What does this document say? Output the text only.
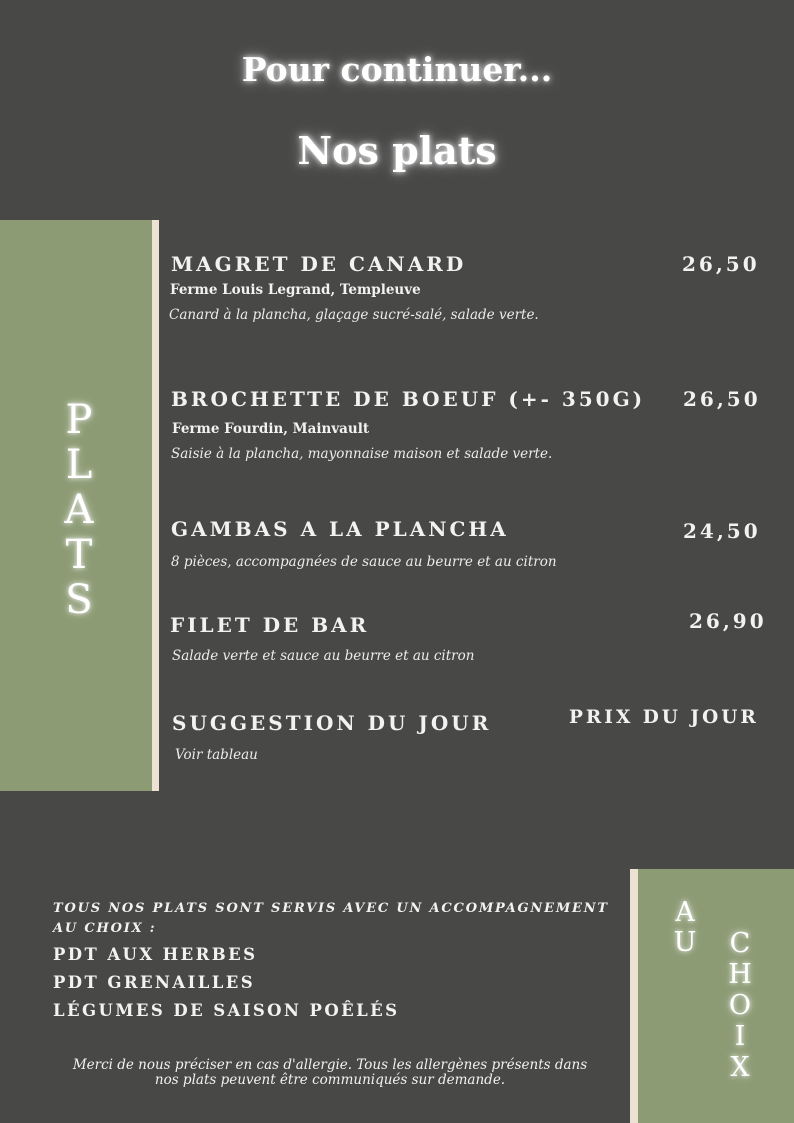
Pour continuer...
Nos plats
P
L
A
T
S
MAGRET DE CANARD	26,50
Ferme Louis Legrand, Templeuve
Canard à la plancha, glaçage sucré-salé, salade verte.
BROCHETTE DE BOEUF (+- 350G) 26,50
Ferme Fourdin, Mainvault
Saisie à la plancha, mayonnaise maison et salade verte.
GAMBAS A LA PLANCHA	24,50
8 pièces, accompagnées de sauce au beurre et au citron
FILET DE BAR	26,90
Salade verte et sauce au beurre et au citron
SUGGESTION DU JOUR	PRIX DU JOUR
Voir tableau
TOUS NOS PLATS SONT SERVIS AVEC UN ACCOMPAGNEMENT AU CHOIX :
PDT AUX HERBES
PDT GRENAILLES
LÉGUMES DE SAISON POÊLÉS
Merci de nous préciser en cas d'allergie. Tous les allergènes présents dans nos plats peuvent être communiqués sur demande.
A
U C
H
O
I
X
